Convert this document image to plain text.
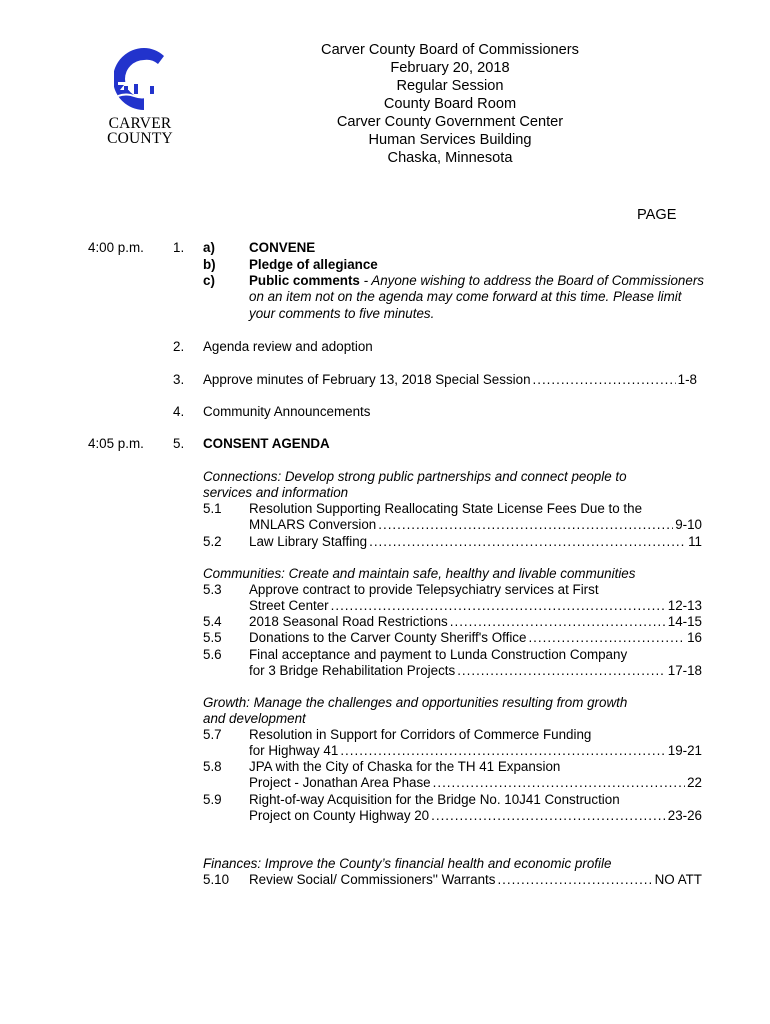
CARVER
COUNTY
Carver County Board of Commissioners
February 20, 2018
Regular Session
County Board Room
Carver County Government Center
Human Services Building
Chaska, Minnesota
PAGE
4:00 p.m. 1. a)	CONVENE
b) Pledge of allegiance
c)	Public comments - Anyone wishing to address the Board of Commissioners
on an item not on the agenda may come forward at this time. Please limit
your comments to five minutes.
2. Agenda review and adoption
3. Approve minutes of February 13, 2018 Special Session .....	1-8
4. Community Announcements
4:05 p.m. 5. CONSENT AGENDA
Connections: Develop strong public partnerships and connect people to
services and information
5.1	Resolution Supporting Reallocating State License Fees Due to the
MNLARS Conversion .....	9-10
5.2	Law Library Staffing .....	11
Communities: Create and maintain safe, healthy and livable communities
5.3	Approve contract to provide Telepsychiatry services at First
Street Center .....	12-13
5.4	2018 Seasonal Road Restrictions .....	14-15
5.5	Donations to the Carver County Sheriff's Office .....	16
5.6	Final acceptance and payment to Lunda Construction Company
for 3 Bridge Rehabilitation Projects .....	17-18
Growth: Manage the challenges and opportunities resulting from growth
and development
5.7	Resolution in Support for Corridors of Commerce Funding
for Highway 41 .....	19-21
5.8	JPA with the City of Chaska for the TH 41 Expansion
Project - Jonathan Area Phase .....	22
5.9	Right-of-way Acquisition for the Bridge No. 10J41 Construction
Project on County Highway 20 .....	23-26
Finances: Improve the County’s financial health and economic profile
5.10	Review Social/ Commissioners'' Warrants .....	NO ATT
